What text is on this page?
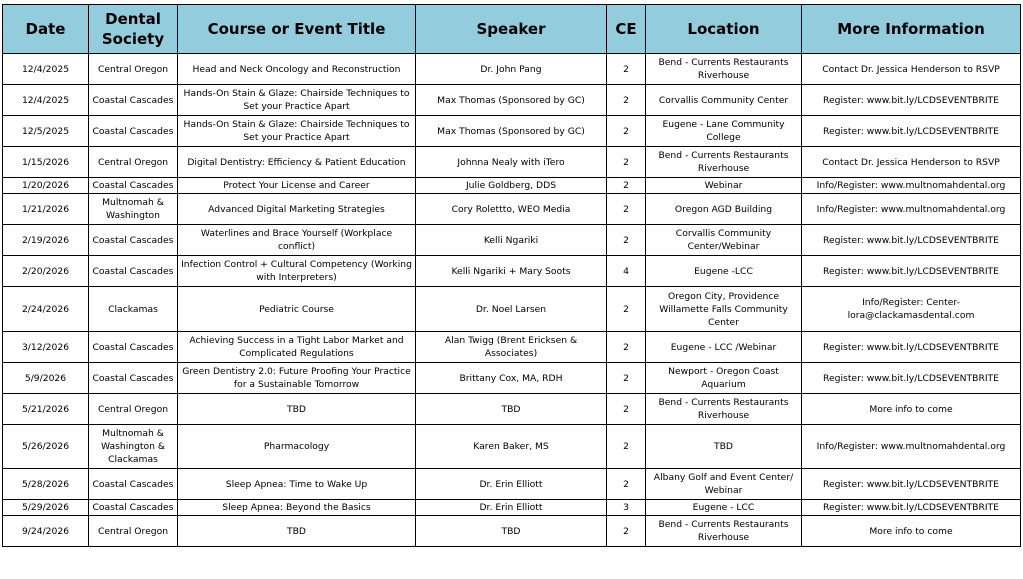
Date	Dental Society	Course or Event Title	Speaker	CE	Location	More Information
12/4/2025	Central Oregon	Head and Neck Oncology and Reconstruction	Dr. John Pang	2	Bend - Currents Restaurants Riverhouse	Contact Dr. Jessica Henderson to RSVP
12/4/2025	Coastal Cascades	Hands-On Stain & Glaze: Chairside Techniques to Set your Practice Apart	Max Thomas (Sponsored by GC)	2	Corvallis Community Center	Register: www.bit.ly/LCDSEVENTBRITE
12/5/2025	Coastal Cascades	Hands-On Stain & Glaze: Chairside Techniques to Set your Practice Apart	Max Thomas (Sponsored by GC)	2	Eugene - Lane Community College	Register: www.bit.ly/LCDSEVENTBRITE
1/15/2026	Central Oregon	Digital Dentistry: Efficiency & Patient Education	Johnna Nealy with iTero	2	Bend - Currents Restaurants Riverhouse	Contact Dr. Jessica Henderson to RSVP
1/20/2026	Coastal Cascades	Protect Your License and Career	Julie Goldberg, DDS	2	Webinar	Info/Register: www.multnomahdental.org
1/21/2026	Multnomah & Washington	Advanced Digital Marketing Strategies	Cory Rolettto, WEO Media	2	Oregon AGD Building	Info/Register: www.multnomahdental.org
2/19/2026	Coastal Cascades	Waterlines and Brace Yourself (Workplace conflict)	Kelli Ngariki	2	Corvallis Community Center/Webinar	Register: www.bit.ly/LCDSEVENTBRITE
2/20/2026	Coastal Cascades	Infection Control + Cultural Competency (Working with Interpreters)	Kelli Ngariki + Mary Soots	4	Eugene -LCC	Register: www.bit.ly/LCDSEVENTBRITE
2/24/2026	Clackamas	Pediatric Course	Dr. Noel Larsen	2	Oregon City, Providence Willamette Falls Community Center	Info/Register: Center-lora@clackamasdental.com
3/12/2026	Coastal Cascades	Achieving Success in a Tight Labor Market and Complicated Regulations	Alan Twigg (Brent Ericksen & Associates)	2	Eugene - LCC /Webinar	Register: www.bit.ly/LCDSEVENTBRITE
5/9/2026	Coastal Cascades	Green Dentistry 2.0: Future Proofing Your Practice for a Sustainable Tomorrow	Brittany Cox, MA, RDH	2	Newport - Oregon Coast Aquarium	Register: www.bit.ly/LCDSEVENTBRITE
5/21/2026	Central Oregon	TBD	TBD	2	Bend - Currents Restaurants Riverhouse	More info to come
5/26/2026	Multnomah & Washington & Clackamas	Pharmacology	Karen Baker, MS	2	TBD	Info/Register: www.multnomahdental.org
5/28/2026	Coastal Cascades	Sleep Apnea: Time to Wake Up	Dr. Erin Elliott	2	Albany Golf and Event Center/ Webinar	Register: www.bit.ly/LCDSEVENTBRITE
5/29/2026	Coastal Cascades	Sleep Apnea: Beyond the Basics	Dr. Erin Elliott	3	Eugene - LCC	Register: www.bit.ly/LCDSEVENTBRITE
9/24/2026	Central Oregon	TBD	TBD	2	Bend - Currents Restaurants Riverhouse	More info to come
